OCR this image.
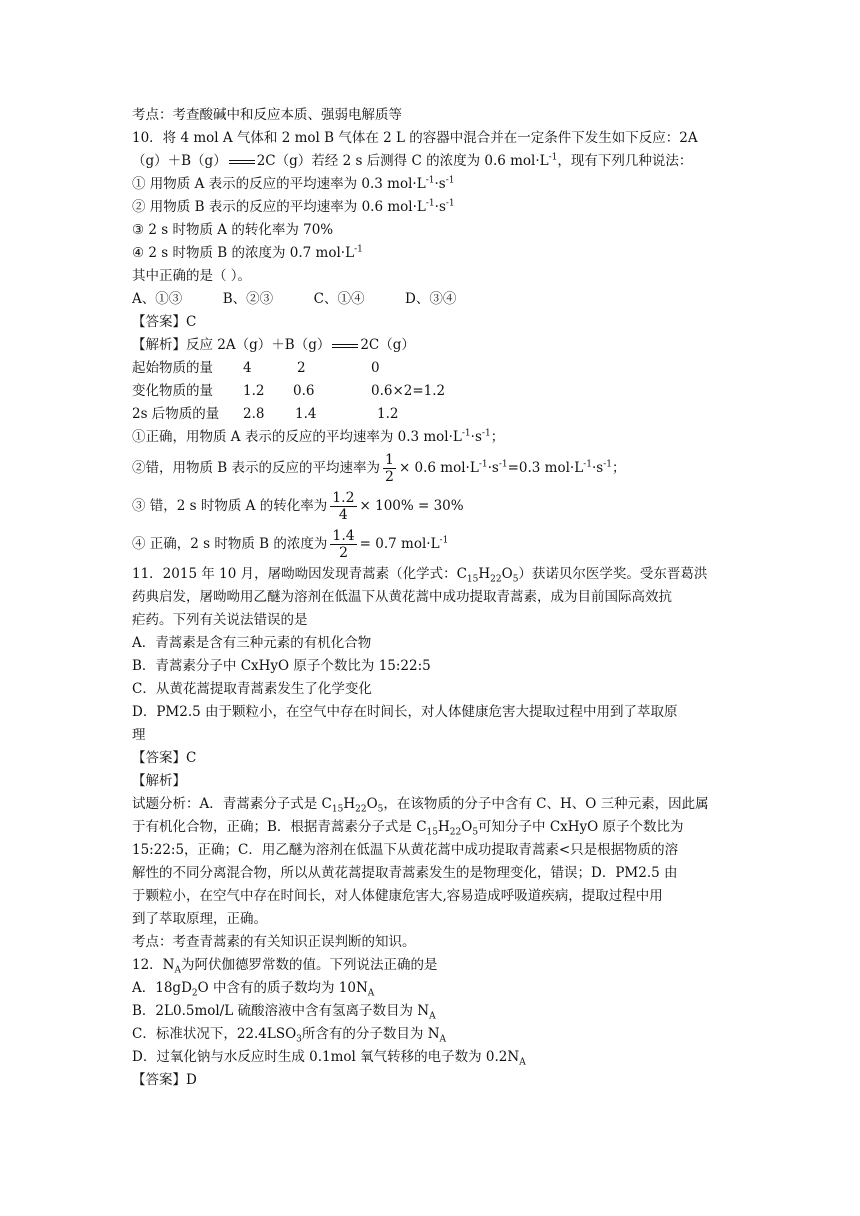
考点：考查酸碱中和反应本质、强弱电解质等
10．将 4 mol A 气体和 2 mol B 气体在 2 L 的容器中混合并在一定条件下发生如下反应：2A
（g）＋B（g） 2C（g）若经 2 s 后测得 C 的浓度为 0.6 $mol\cdot L^{-1}$，现有下列几种说法：
① 用物质 A 表示的反应的平均速率为 0.3 $mol\cdot L^{-1}\cdot s^{-1}$
② 用物质 B 表示的反应的平均速率为 0.6 $mol\cdot L^{-1}\cdot s^{-1}$
③ 2 s 时物质 A 的转化率为 70%
④ 2 s 时物质 B 的浓度为 0.7 $mol\cdot L^{-1}$
其中正确的是（ ）。
A、①③　　　B、②③　　　C、①④　　　D、③④
【答案】C
【解析】反应 2A（g）＋B（g） 2C（g）
起始物质的量 4	2	0
变化物质的量 1.2 0.6	0.6×2=1.2
2s 后物质的量 2.8 1.4	1.2
①正确，用物质 A 表示的反应的平均速率为 0.3 $mol\cdot L^{-1}\cdot s^{-1}$；
②错，用物质 B 表示的反应的平均速率为 $\frac{1}{2} \times 0.6$ $mol\cdot L^{-1}\cdot s^{-1}=0.3$ $mol\cdot L^{-1}\cdot s^{-1}$；
③ 错，2 s 时物质 A 的转化率为 $\frac{1.2}{4} \times 100\% = 30\%$
④ 正确，2 s 时物质 B 的浓度为 $\frac{1.4}{2} = 0.7$ $mol\cdot L^{-1}$
11．2015 年 10 月，屠呦呦因发现青蒿素（化学式：$C_{15}H_{22}O_5$）获诺贝尔医学奖。受东晋葛洪
药典启发，屠呦呦用乙醚为溶剂在低温下从黄花蒿中成功提取青蒿素，成为目前国际高效抗
疟药。下列有关说法错误的是
A．青蒿素是含有三种元素的有机化合物
B．青蒿素分子中 CxHyO 原子个数比为 15:22:5
C．从黄花蒿提取青蒿素发生了化学变化
D．PM2.5 由于颗粒小，在空气中存在时间长，对人体健康危害大提取过程中用到了萃取原
理
【答案】C
【解析】
试题分析：A．青蒿素分子式是 $C_{15}H_{22}O_5$，在该物质的分子中含有 C、H、O 三种元素，因此属
于有机化合物，正确；B．根据青蒿素分子式是 $C_{15}H_{22}O_5$可知分子中 CxHyO 原子个数比为
15:22:5，正确；C．用乙醚为溶剂在低温下从黄花蒿中成功提取青蒿素<只是根据物质的溶
解性的不同分离混合物，所以从黄花蒿提取青蒿素发生的是物理变化，错误；D．PM2.5 由
于颗粒小，在空气中存在时间长，对人体健康危害大,容易造成呼吸道疾病，提取过程中用
到了萃取原理，正确。
考点：考查青蒿素的有关知识正误判断的知识。
12．$N_A$为阿伏伽德罗常数的值。下列说法正确的是
A．$18gD_2O$ 中含有的质子数均为 $10N_A$
B．2L0.5mol/L 硫酸溶液中含有氢离子数目为 $N_A$
C．标准状况下，$22.4LSO_3$所含有的分子数目为 $N_A$
D．过氧化钠与水反应时生成 0.1mol 氧气转移的电子数为 $0.2N_A$
【答案】D
